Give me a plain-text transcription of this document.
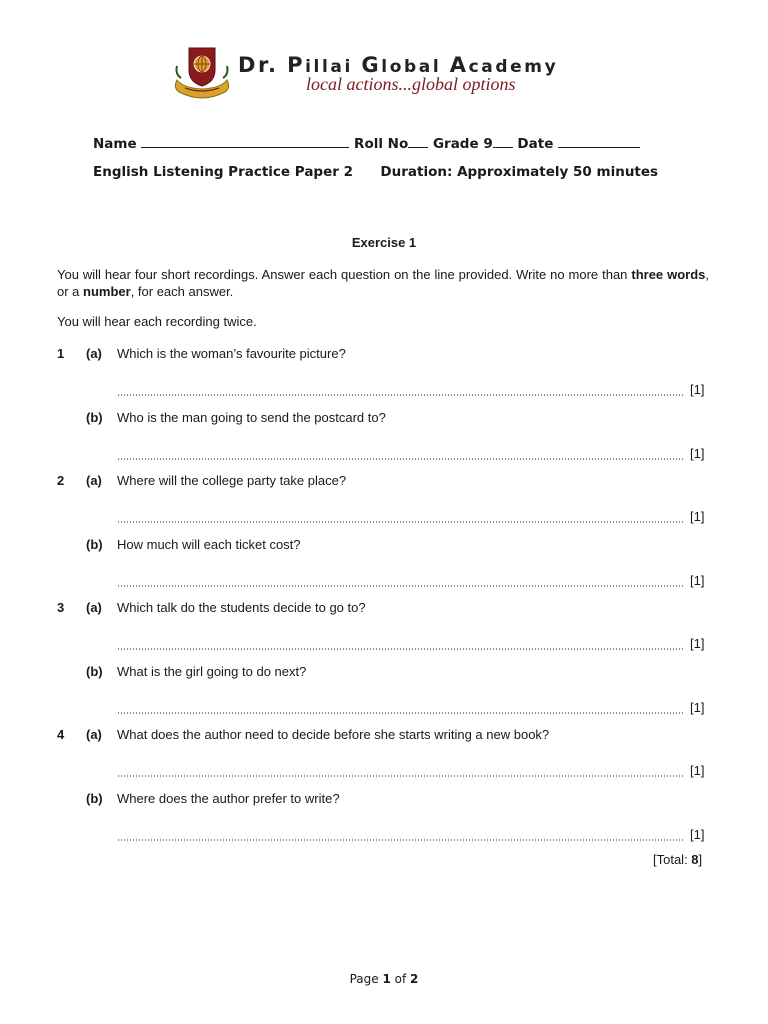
Dr. Pillai Global Academy
local actions...global options
Name	Roll No Grade 9 Date
English Listening Practice Paper 2 Duration: Approximately 50 minutes
Exercise 1
You will hear four short recordings. Answer each question on the line provided. Write no more than three words, or a number, for each answer.
You will hear each recording twice.
1 (a) Which is the woman’s favourite picture?
[1]
(b) Who is the man going to send the postcard to?
[1]
2 (a) Where will the college party take place?
[1]
(b) How much will each ticket cost?
[1]
3 (a) Which talk do the students decide to go to?
[1]
(b) What is the girl going to do next?
[1]
4 (a) What does the author need to decide before she starts writing a new book?
[1]
(b) Where does the author prefer to write?
[1]
[Total: 8]
Page 1 of 2
